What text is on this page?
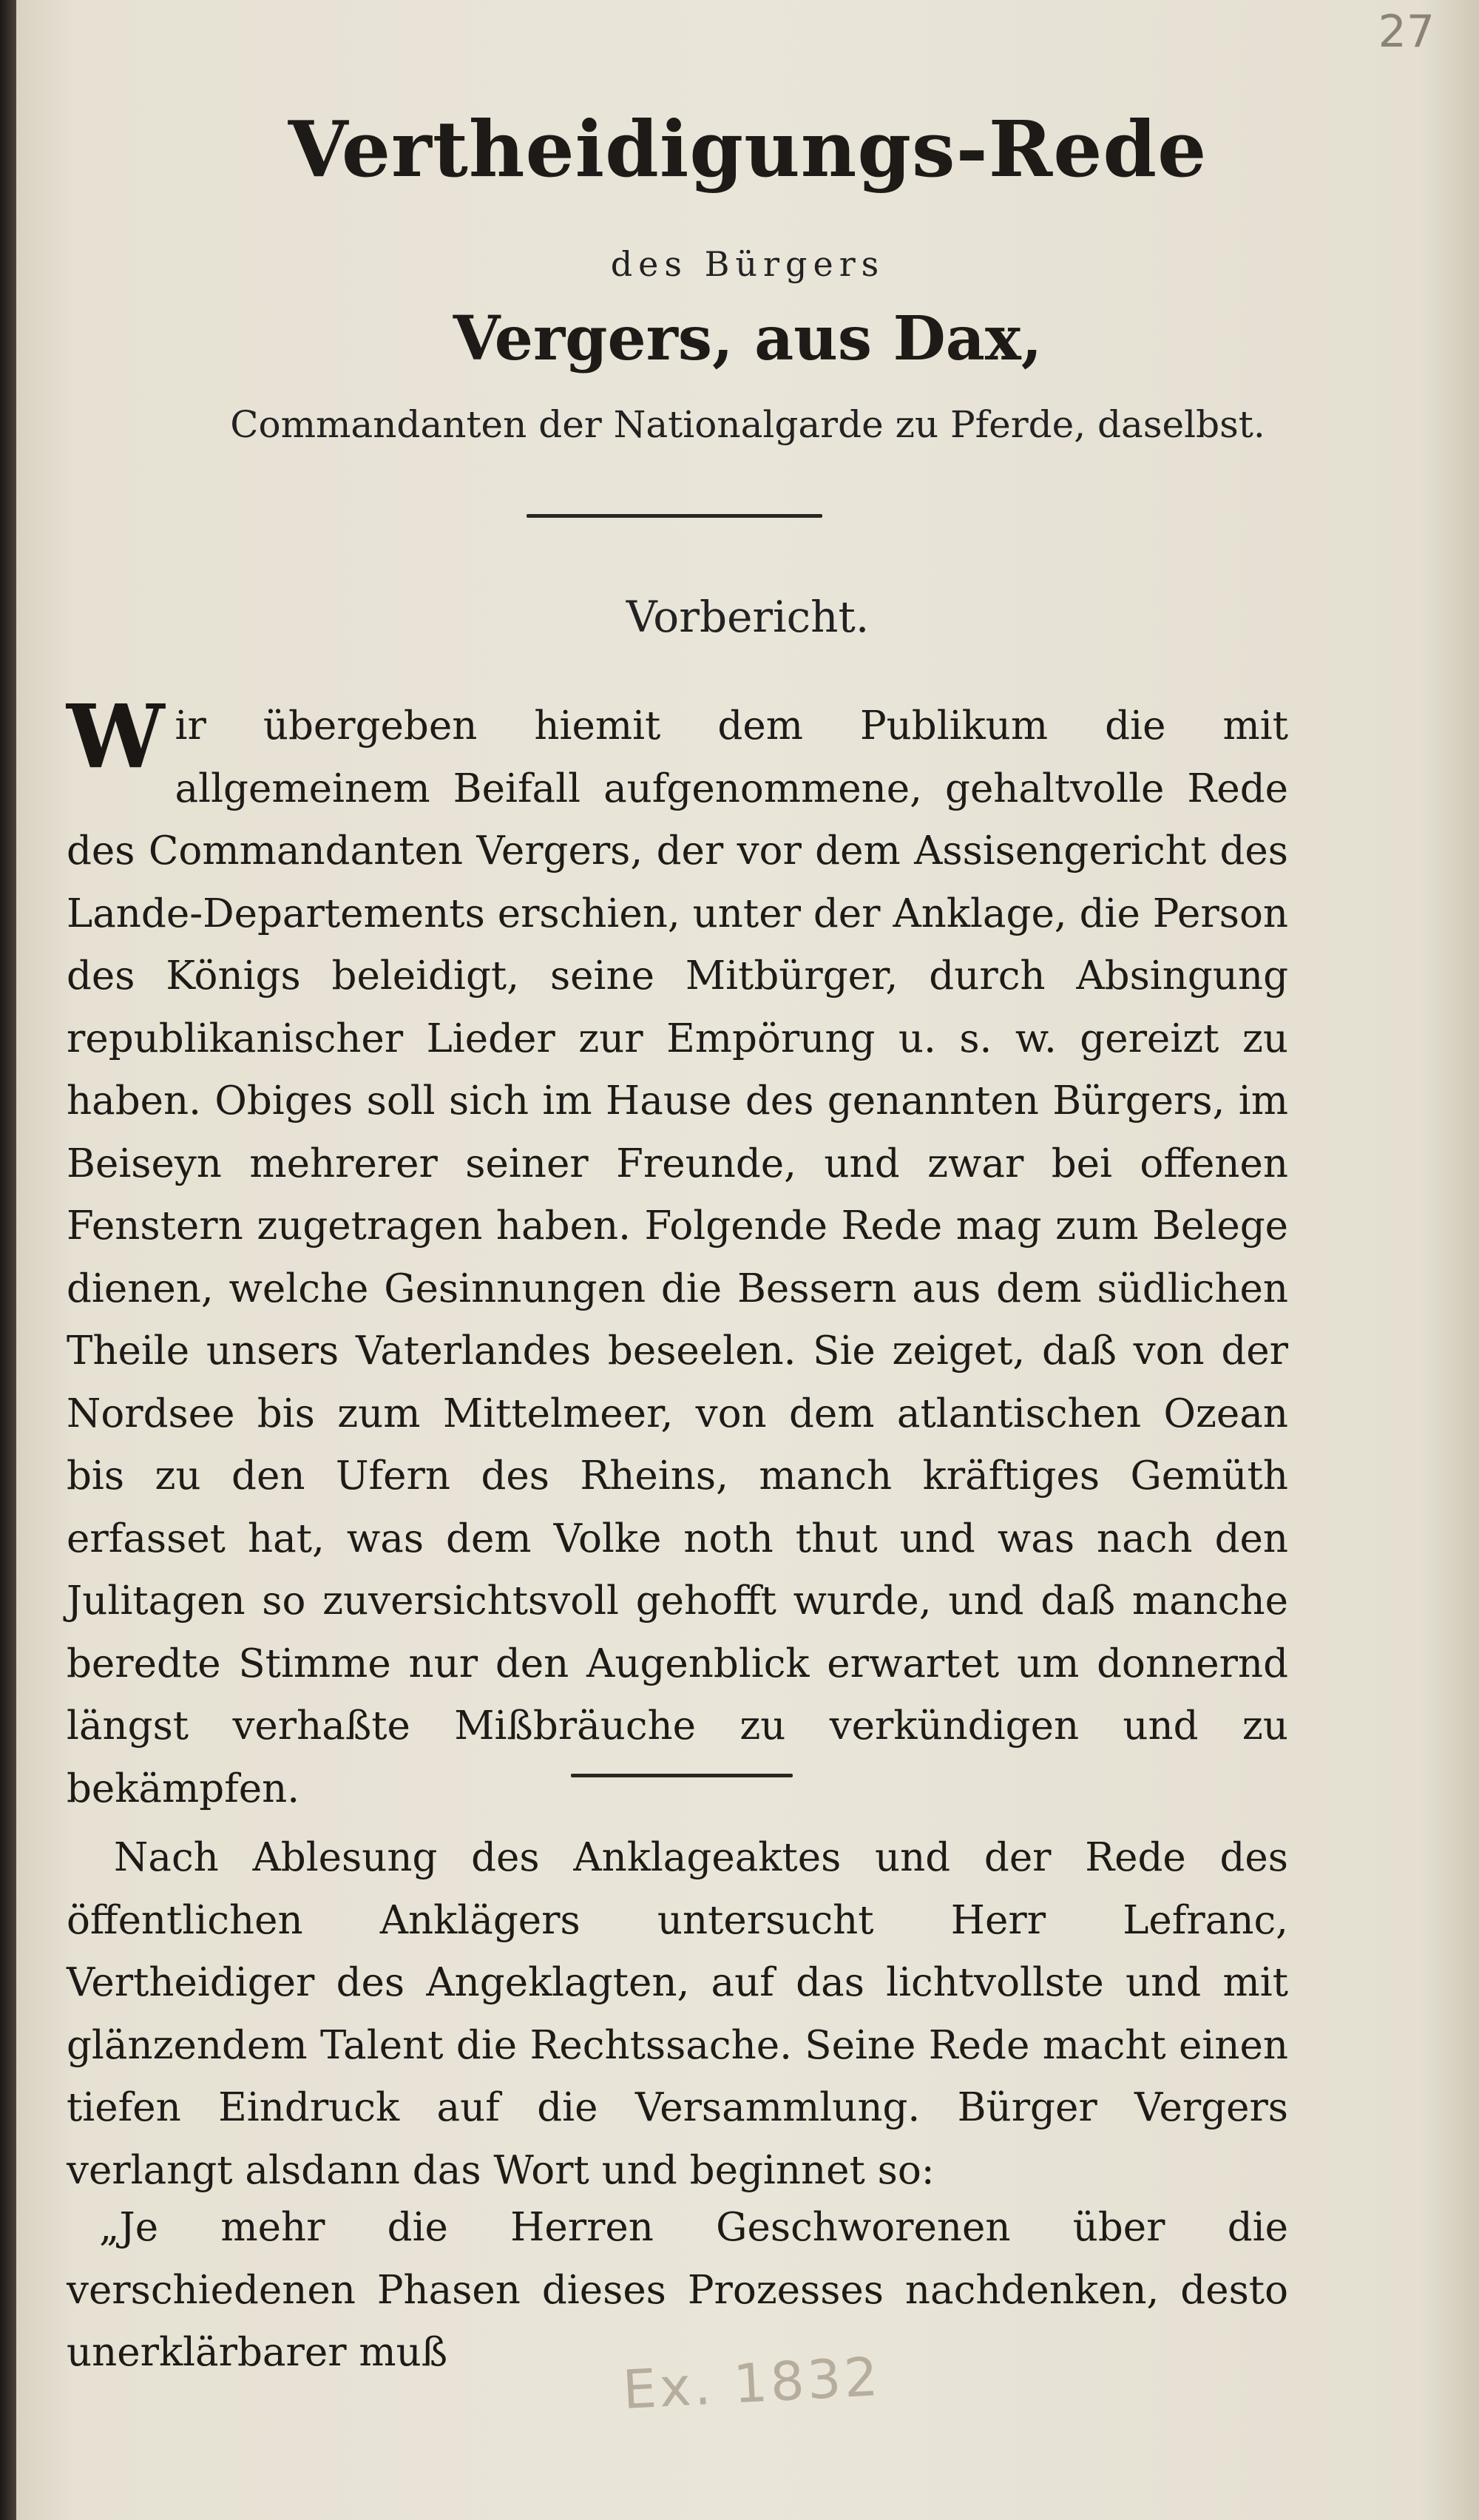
27
Vertheidigungs-Rede
des Bürgers
Vergers, aus Dax,
Commandanten der Nationalgarde zu Pferde, daselbst.
Vorbericht.
Wir übergeben hiemit dem Publikum die mit allgemeinem Beifall aufgenommene, gehaltvolle Rede des Commandanten Vergers, der vor dem Assisengericht des Lande-Departements erschien, unter der Anklage, die Person des Königs beleidigt, seine Mitbürger, durch Absingung republikanischer Lieder zur Empörung u. s. w. gereizt zu haben. Obiges soll sich im Hause des genannten Bürgers, im Beiseyn mehrerer seiner Freunde, und zwar bei offenen Fenstern zugetragen haben. Folgende Rede mag zum Belege dienen, welche Gesinnungen die Bessern aus dem südlichen Theile unsers Vaterlandes beseelen. Sie zeiget, daß von der Nordsee bis zum Mittelmeer, von dem atlantischen Ozean bis zu den Ufern des Rheins, manch kräftiges Gemüth erfasset hat, was dem Volke noth thut und was nach den Julitagen so zuversichtsvoll gehofft wurde, und daß manche beredte Stimme nur den Augenblick erwartet um donnernd längst verhaßte Mißbräuche zu verkündigen und zu bekämpfen.
Nach Ablesung des Anklageaktes und der Rede des öffentlichen Anklägers untersucht Herr Lefranc, Vertheidiger des Angeklagten, auf das lichtvollste und mit glänzendem Talent die Rechtssache. Seine Rede macht einen tiefen Eindruck auf die Versammlung. Bürger Vergers verlangt alsdann das Wort und beginnet so:
„Je mehr die Herren Geschworenen über die verschiedenen Phasen dieses Prozesses nachdenken, desto unerklärbarer muß	Ex. 1832
